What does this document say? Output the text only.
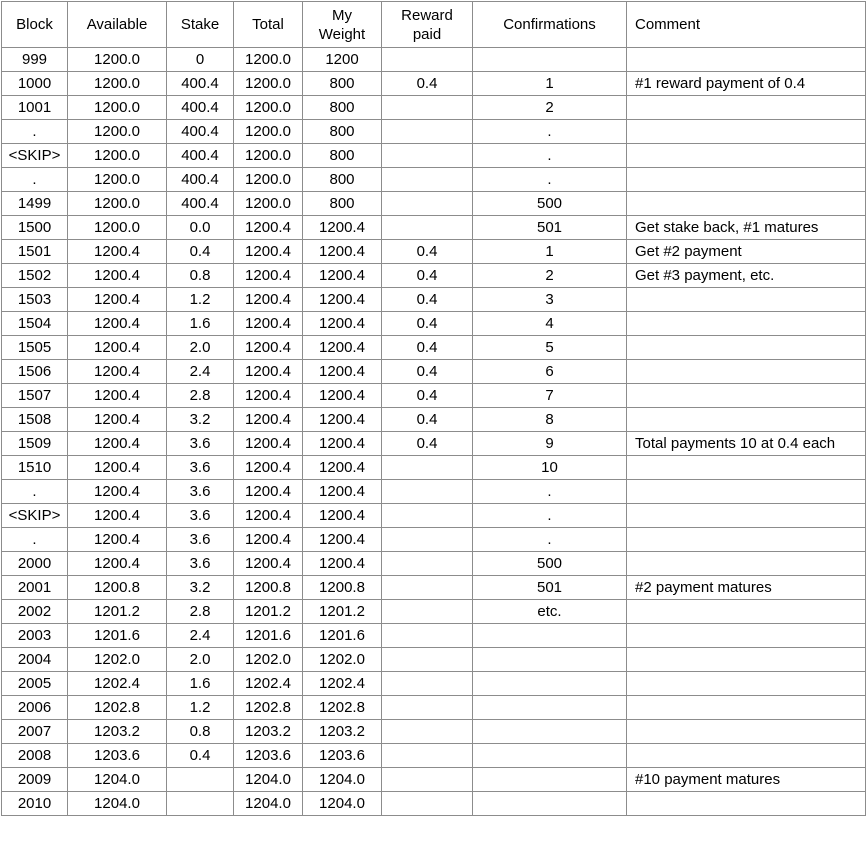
Block	Available	Stake	Total	My Weight	Reward paid	Confirmations	Comment
999	1200.0	0	1200.0	1200			
1000	1200.0	400.4	1200.0	800	0.4	1	#1 reward payment of 0.4
1001	1200.0	400.4	1200.0	800		2	
.	1200.0	400.4	1200.0	800		.	
<SKIP>	1200.0	400.4	1200.0	800		.	
.	1200.0	400.4	1200.0	800		.	
1499	1200.0	400.4	1200.0	800		500	
1500	1200.0	0.0	1200.4	1200.4		501	Get stake back, #1 matures
1501	1200.4	0.4	1200.4	1200.4	0.4	1	Get #2 payment
1502	1200.4	0.8	1200.4	1200.4	0.4	2	Get #3 payment, etc.
1503	1200.4	1.2	1200.4	1200.4	0.4	3	
1504	1200.4	1.6	1200.4	1200.4	0.4	4	
1505	1200.4	2.0	1200.4	1200.4	0.4	5	
1506	1200.4	2.4	1200.4	1200.4	0.4	6	
1507	1200.4	2.8	1200.4	1200.4	0.4	7	
1508	1200.4	3.2	1200.4	1200.4	0.4	8	
1509	1200.4	3.6	1200.4	1200.4	0.4	9	Total payments 10 at 0.4 each
1510	1200.4	3.6	1200.4	1200.4		10	
.	1200.4	3.6	1200.4	1200.4		.	
<SKIP>	1200.4	3.6	1200.4	1200.4		.	
.	1200.4	3.6	1200.4	1200.4		.	
2000	1200.4	3.6	1200.4	1200.4		500	
2001	1200.8	3.2	1200.8	1200.8		501	#2 payment matures
2002	1201.2	2.8	1201.2	1201.2		etc.	
2003	1201.6	2.4	1201.6	1201.6			
2004	1202.0	2.0	1202.0	1202.0			
2005	1202.4	1.6	1202.4	1202.4			
2006	1202.8	1.2	1202.8	1202.8			
2007	1203.2	0.8	1203.2	1203.2			
2008	1203.6	0.4	1203.6	1203.6			
2009	1204.0		1204.0	1204.0			#10 payment matures
2010	1204.0		1204.0	1204.0			
